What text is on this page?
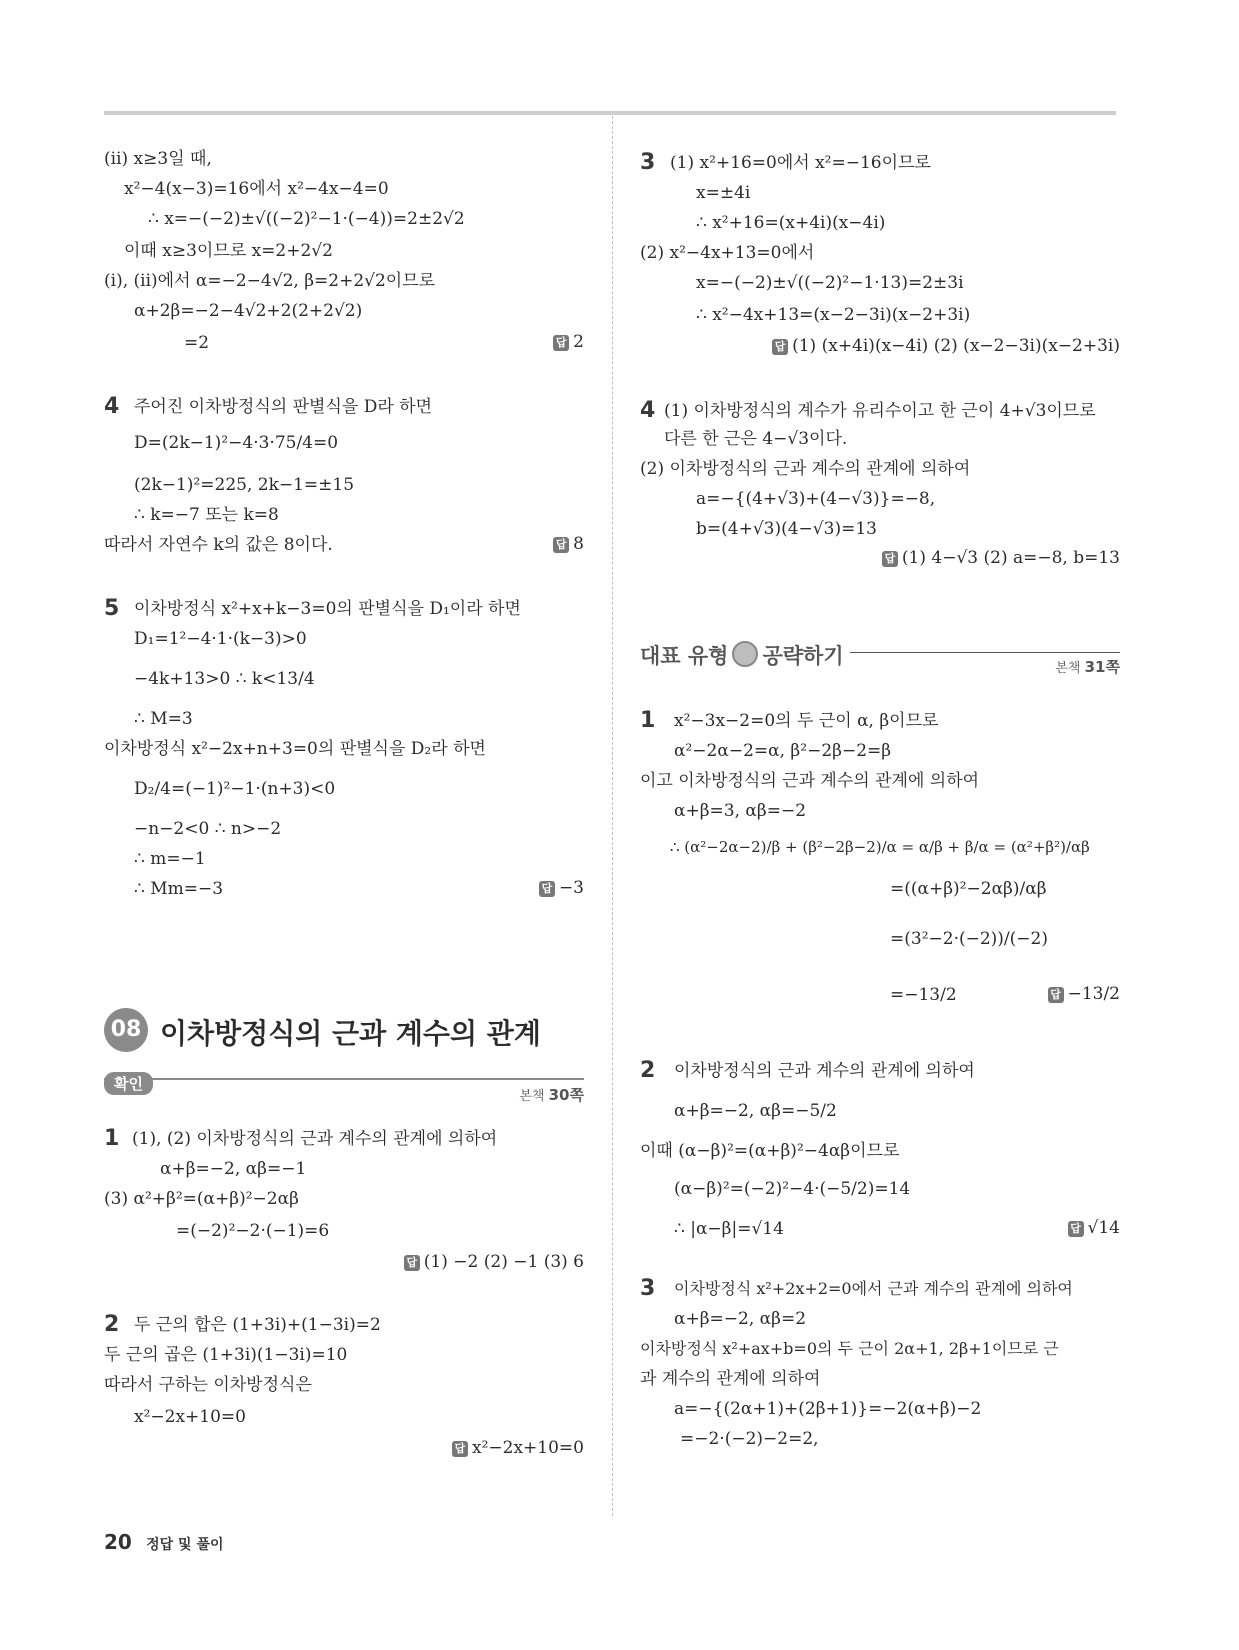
(ⅱ) x≥3일 때,
x²−4(x−3)=16에서 x²−4x−4=0
∴ x=−(−2)±√((−2)²−1·(−4))=2±2√2
이때 x≥3이므로 x=2+2√2
(ⅰ), (ⅱ)에서 α=−2−4√2, β=2+2√2이므로
α+2β=−2−4√2+2(2+2√2)
=2	답 2
4 주어진 이차방정식의 판별식을 D라 하면
D=(2k−1)²−4·3·75/4=0
(2k−1)²=225, 2k−1=±15
∴ k=−7 또는 k=8
따라서 자연수 k의 값은 8이다.	답 8
5 이차방정식 x²+x+k−3=0의 판별식을 D₁이라 하면
D₁=1²−4·1·(k−3)>0
−4k+13>0 ∴ k<13/4
∴ M=3
이차방정식 x²−2x+n+3=0의 판별식을 D₂라 하면
D₂/4=(−1)²−1·(n+3)<0
−n−2<0 ∴ n>−2
∴ m=−1
∴ Mm=−3	답 −3
08 이차방정식의 근과 계수의 관계
확인
본책 30쪽
1 (1), (2) 이차방정식의 근과 계수의 관계에 의하여
α+β=−2, αβ=−1
(3) α²+β²=(α+β)²−2αβ
=(−2)²−2·(−1)=6
답 (1) −2 (2) −1 (3) 6
2 두 근의 합은 (1+3i)+(1−3i)=2
두 근의 곱은 (1+3i)(1−3i)=10
따라서 구하는 이차방정식은
x²−2x+10=0
답 x²−2x+10=0
3 (1) x²+16=0에서 x²=−16이므로
x=±4i
∴ x²+16=(x+4i)(x−4i)
(2) x²−4x+13=0에서
x=−(−2)±√((−2)²−1·13)=2±3i
∴ x²−4x+13=(x−2−3i)(x−2+3i)
답 (1) (x+4i)(x−4i) (2) (x−2−3i)(x−2+3i)
4 (1) 이차방정식의 계수가 유리수이고 한 근이 4+√3이므로
다른 한 근은 4−√3이다.
(2) 이차방정식의 근과 계수의 관계에 의하여
a=−{(4+√3)+(4−√3)}=−8,
b=(4+√3)(4−√3)=13
답 (1) 4−√3 (2) a=−8, b=13
대표 유형 공략하기
본책 31쪽
1 x²−3x−2=0의 두 근이 α, β이므로
α²−2α−2=α, β²−2β−2=β
이고 이차방정식의 근과 계수의 관계에 의하여
α+β=3, αβ=−2
∴ (α²−2α−2)/β + (β²−2β−2)/α = α/β + β/α = (α²+β²)/αβ
=((α+β)²−2αβ)/αβ
=(3²−2·(−2))/(−2)
=−13/2	답 −13/2
2 이차방정식의 근과 계수의 관계에 의하여
α+β=−2, αβ=−5/2
이때 (α−β)²=(α+β)²−4αβ이므로
(α−β)²=(−2)²−4·(−5/2)=14
∴ |α−β|=√14	답 √14
3 이차방정식 x²+2x+2=0에서 근과 계수의 관계에 의하여
α+β=−2, αβ=2
이차방정식 x²+ax+b=0의 두 근이 2α+1, 2β+1이므로 근
과 계수의 관계에 의하여
a=−{(2α+1)+(2β+1)}=−2(α+β)−2
=−2·(−2)−2=2,
20 정답 및 풀이
